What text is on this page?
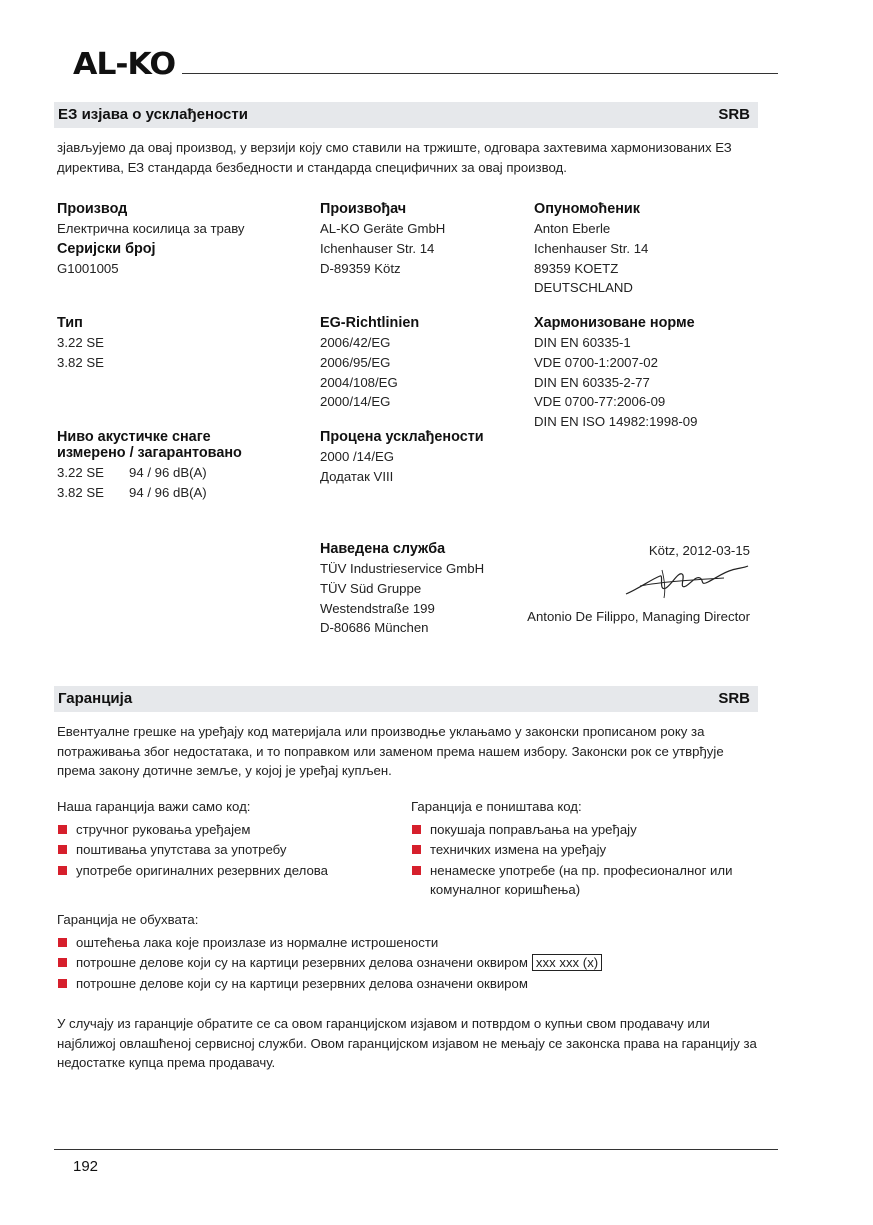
AL-KO
ЕЗ изјава о усклађености	SRB
зјављујемо да овај производ, у верзији коју смо ставили на тржиште, одговара захтевима хармонизованих ЕЗ директива, ЕЗ стандарда безбедности и стандарда специфичних за овај производ.
Производ
Електрична косилица за траву
Серијски број
G1001005
Произвођач
AL-KO Geräte GmbH
Ichenhauser Str. 14
D-89359 Kötz
Опуномоћеник
Anton Eberle
Ichenhauser Str. 14
89359 KOETZ
DEUTSCHLAND
Тип
3.22 SE
3.82 SE
EG-Richtlinien
2006/42/EG
2006/95/EG
2004/108/EG
2000/14/EG
Хармонизоване норме
DIN EN 60335-1
VDE 0700-1:2007-02
DIN EN 60335-2-77
VDE 0700-77:2006-09
DIN EN ISO 14982:1998-09
Ниво акустичке снаге
измерено / загарантовано
3.22 SE	94 / 96 dB(A)
3.82 SE	94 / 96 dB(A)
Процена усклађености
2000 /14/EG
Додатак VIII
Наведена служба
TÜV Industrieservice GmbH
TÜV Süd Gruppe
Westendstraße 199
D-80686 München
Kötz, 2012-03-15
Antonio De Filippo, Managing Director
Гаранција	SRB
Евентуалне грешке на уређају код материјала или производње уклањамо у законски прописаном року за потраживања због недостатака, и то поправком или заменом према нашем избору. Законски рок се утврђује према закону дотичне земље, у којој је уређај купљен.
Наша гаранција важи само код:
стручног руковања уређајем
поштивања упутстава за употребу
употребе оригиналних резервних делова
Гаранција е поништава код:
покушаја поправљања на уређају
техничких измена на уређају
ненамеске употребе (на пр. професионалног или комуналног коришћења)
Гаранција не обухвата:
оштећења лака које произлазе из нормалне истрошености
потрошне делове који су на картици резервних делова означени оквиром xxx xxx (x)
потрошне делове који су на картици резервних делова означени оквиром
У случају из гаранције обратите се са овом гаранцијском изјавом и потврдом о купњи свом продавачу или најближој овлашћеној сервисној служби. Овом гаранцијском изјавом не мењају се законска права на гаранцију за недостатке купца према продавачу.
192
